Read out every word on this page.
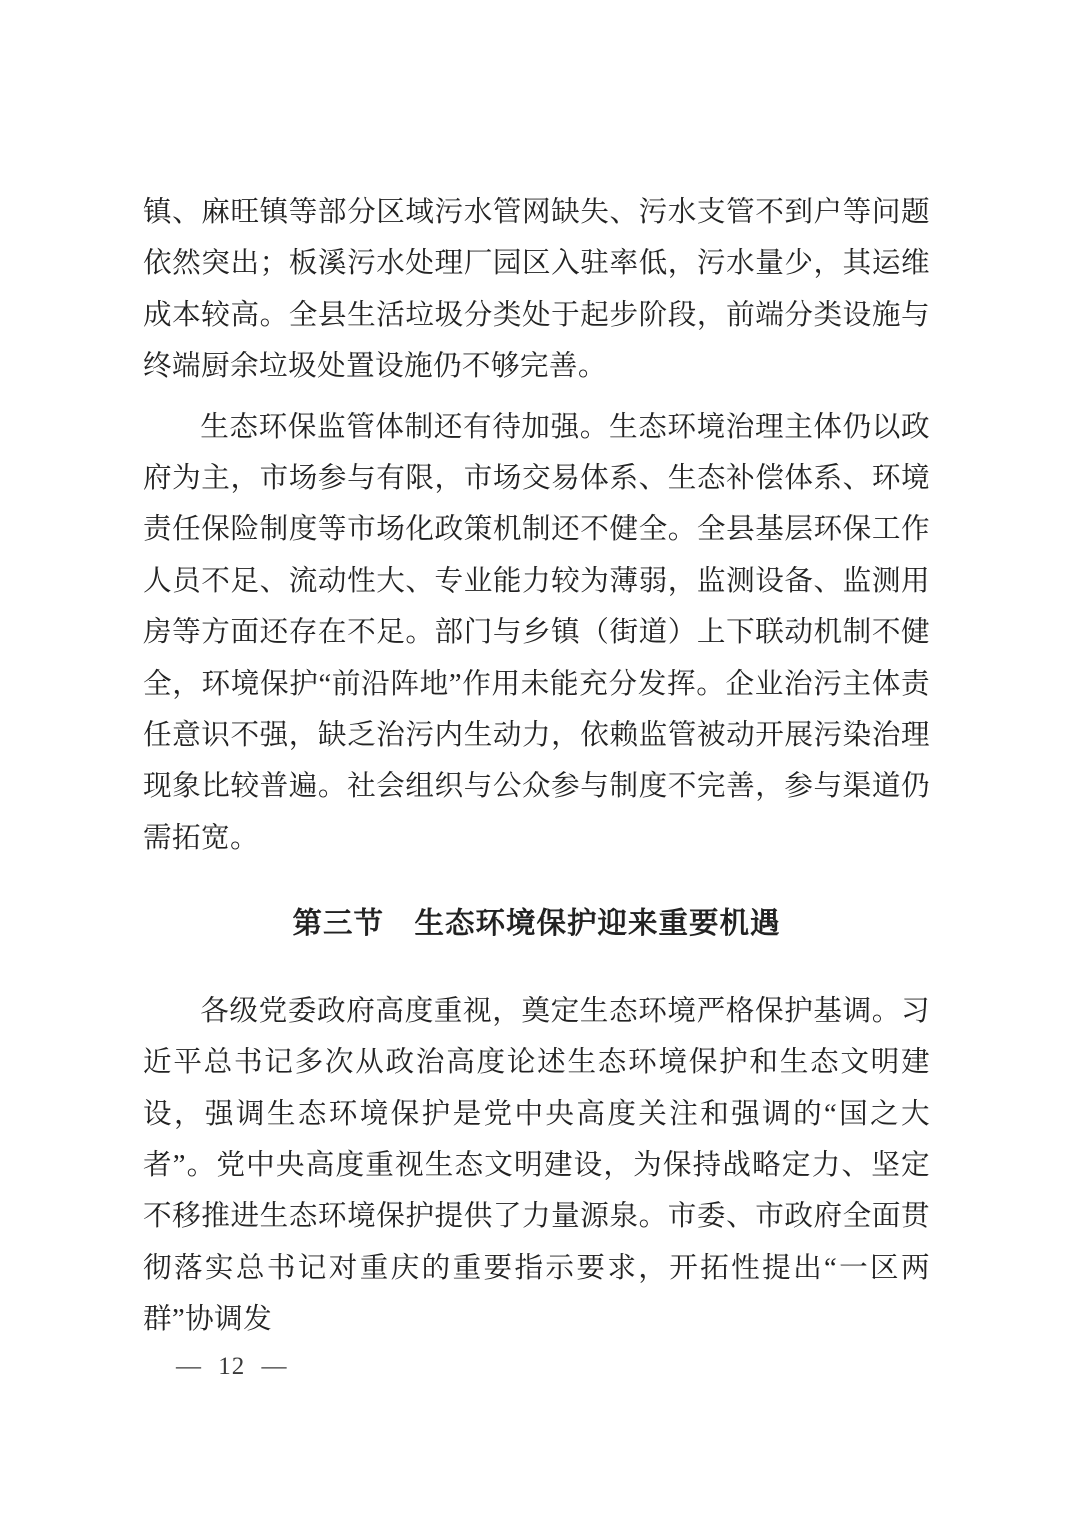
镇、麻旺镇等部分区域污水管网缺失、污水支管不到户等问题依然突出；板溪污水处理厂园区入驻率低，污水量少，其运维成本较高。全县生活垃圾分类处于起步阶段，前端分类设施与终端厨余垃圾处置设施仍不够完善。

生态环保监管体制还有待加强。生态环境治理主体仍以政府为主，市场参与有限，市场交易体系、生态补偿体系、环境责任保险制度等市场化政策机制还不健全。全县基层环保工作人员不足、流动性大、专业能力较为薄弱，监测设备、监测用房等方面还存在不足。部门与乡镇（街道）上下联动机制不健全，环境保护“前沿阵地”作用未能充分发挥。企业治污主体责任意识不强，缺乏治污内生动力，依赖监管被动开展污染治理现象比较普遍。社会组织与公众参与制度不完善，参与渠道仍需拓宽。

第三节　生态环境保护迎来重要机遇

各级党委政府高度重视，奠定生态环境严格保护基调。习近平总书记多次从政治高度论述生态环境保护和生态文明建设，强调生态环境保护是党中央高度关注和强调的“国之大者”。党中央高度重视生态文明建设，为保持战略定力、坚定不移推进生态环境保护提供了力量源泉。市委、市政府全面贯彻落实总书记对重庆的重要指示要求，开拓性提出“一区两群”协调发

— 12 —
